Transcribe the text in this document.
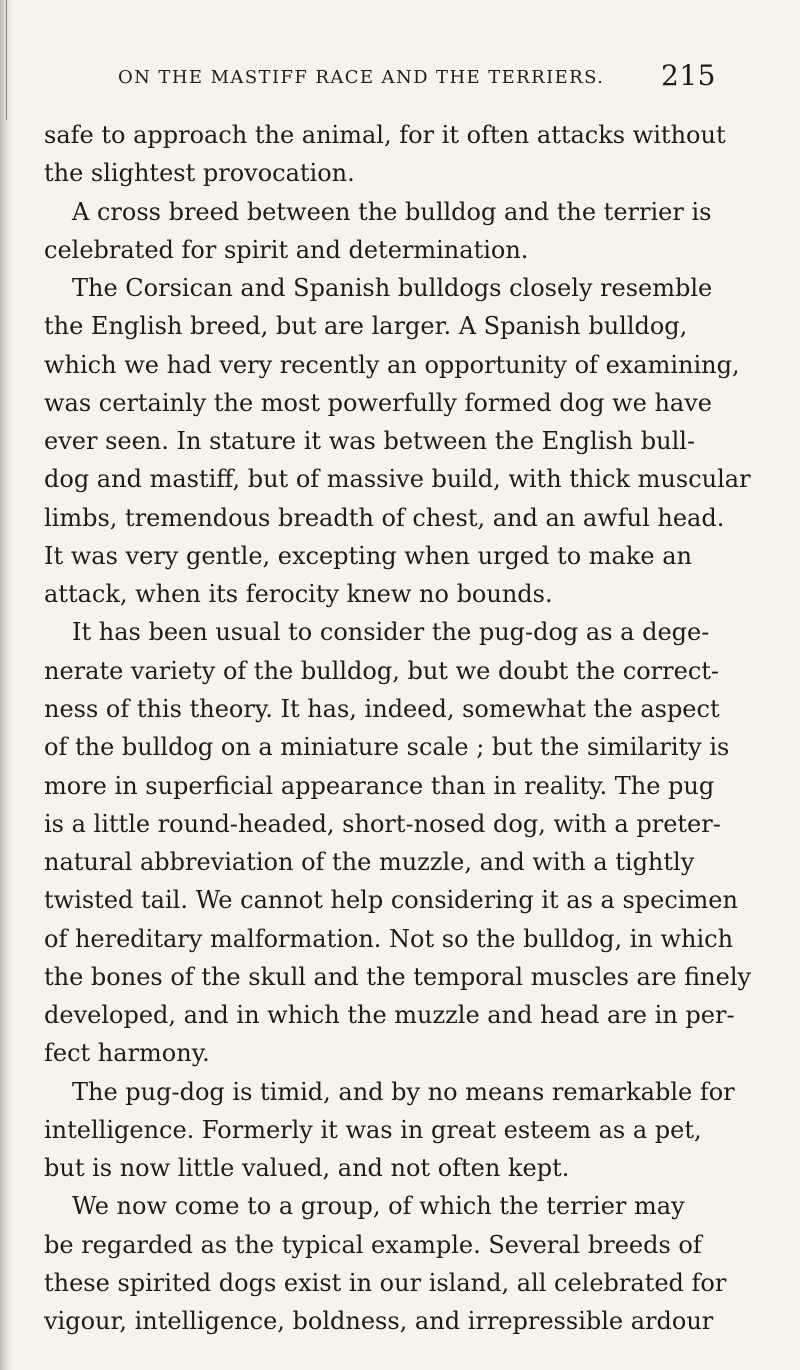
ON THE MASTIFF RACE AND THE TERRIERS. 215
safe to approach the animal, for it often attacks without
the slightest provocation.
A cross breed between the bulldog and the terrier is
celebrated for spirit and determination.
The Corsican and Spanish bulldogs closely resemble
the English breed, but are larger. A Spanish bulldog,
which we had very recently an opportunity of examining,
was certainly the most powerfully formed dog we have
ever seen. In stature it was between the English bull-
dog and mastiff, but of massive build, with thick muscular
limbs, tremendous breadth of chest, and an awful head.
It was very gentle, excepting when urged to make an
attack, when its ferocity knew no bounds.
It has been usual to consider the pug-dog as a dege-
nerate variety of the bulldog, but we doubt the correct-
ness of this theory. It has, indeed, somewhat the aspect
of the bulldog on a miniature scale ; but the similarity is
more in superficial appearance than in reality. The pug
is a little round-headed, short-nosed dog, with a preter-
natural abbreviation of the muzzle, and with a tightly
twisted tail. We cannot help considering it as a specimen
of hereditary malformation. Not so the bulldog, in which
the bones of the skull and the temporal muscles are finely
developed, and in which the muzzle and head are in per-
fect harmony.
The pug-dog is timid, and by no means remarkable for
intelligence. Formerly it was in great esteem as a pet,
but is now little valued, and not often kept.
We now come to a group, of which the terrier may
be regarded as the typical example. Several breeds of
these spirited dogs exist in our island, all celebrated for
vigour, intelligence, boldness, and irrepressible ardour
